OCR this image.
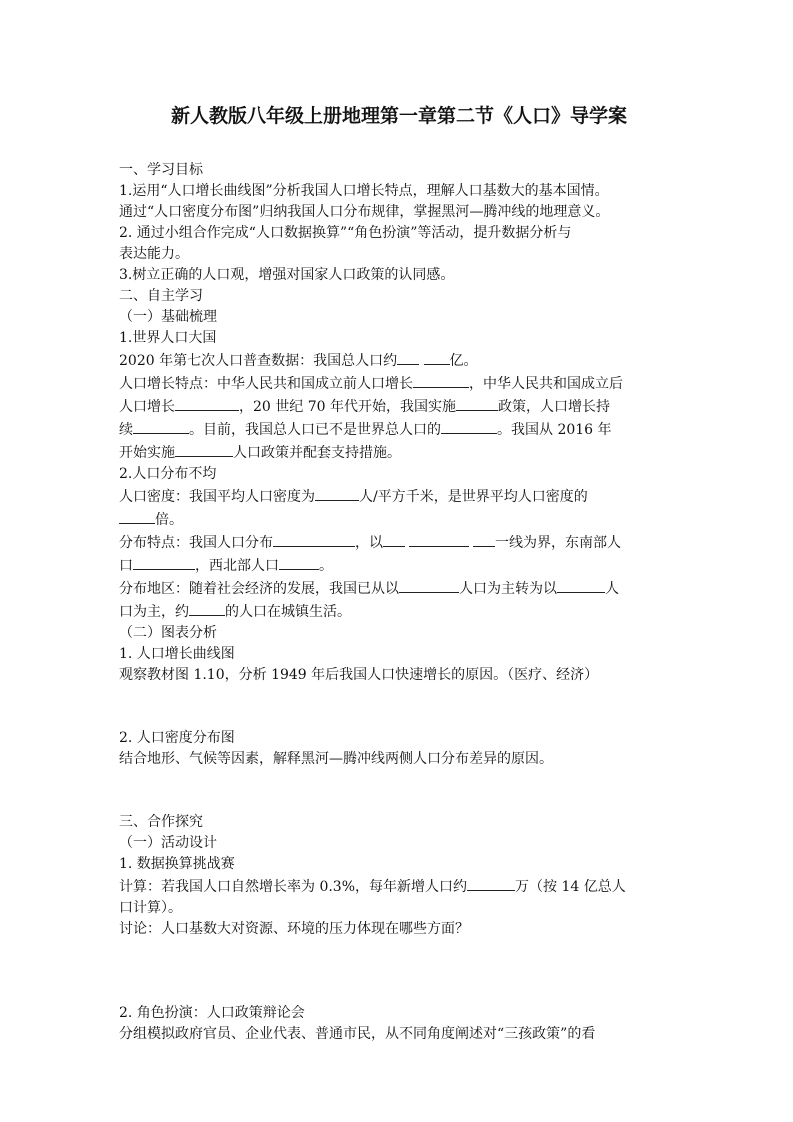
新人教版八年级上册地理第一章第二节《人口》导学案

一、学习目标

1.运用“人口增长曲线图”分析我国人口增长特点，理解人口基数大的基本国情。

通过“人口密度分布图”归纳我国人口分布规律，掌握黑河—腾冲线的地理意义。

2. 通过小组合作完成“人口数据换算”“角色扮演”等活动，提升数据分析与

表达能力。

3.树立正确的人口观，增强对国家人口政策的认同感。

二、自主学习

（一）基础梳理

1.世界人口大国

2020 年第七次人口普查数据：我国总人口约	亿。

人口增长特点：中华人民共和国成立前人口增长	，中华人民共和国成立后

人口增长	，20 世纪 70 年代开始，我国实施	政策，人口增长持

续	。目前，我国总人口已不是世界总人口的	。我国从 2016 年

开始实施	人口政策并配套支持措施。

2.人口分布不均

人口密度：我国平均人口密度为	人/平方千米，是世界平均人口密度的

倍。

分布特点：我国人口分布	，以	一线为界，东南部人

口	，西北部人口	。

分布地区：随着社会经济的发展，我国已从以	人口为主转为以	人

口为主，约	的人口在城镇生活。

（二）图表分析

1. 人口增长曲线图

观察教材图 1.10，分析 1949 年后我国人口快速增长的原因。（医疗、经济）

2. 人口密度分布图

结合地形、气候等因素，解释黑河—腾冲线两侧人口分布差异的原因。

三、合作探究

（一）活动设计

1. 数据换算挑战赛

计算：若我国人口自然增长率为 0.3%，每年新增人口约	万（按 14 亿总人

口计算）。

讨论：人口基数大对资源、环境的压力体现在哪些方面？

2. 角色扮演：人口政策辩论会

分组模拟政府官员、企业代表、普通市民，从不同角度阐述对“三孩政策”的看
